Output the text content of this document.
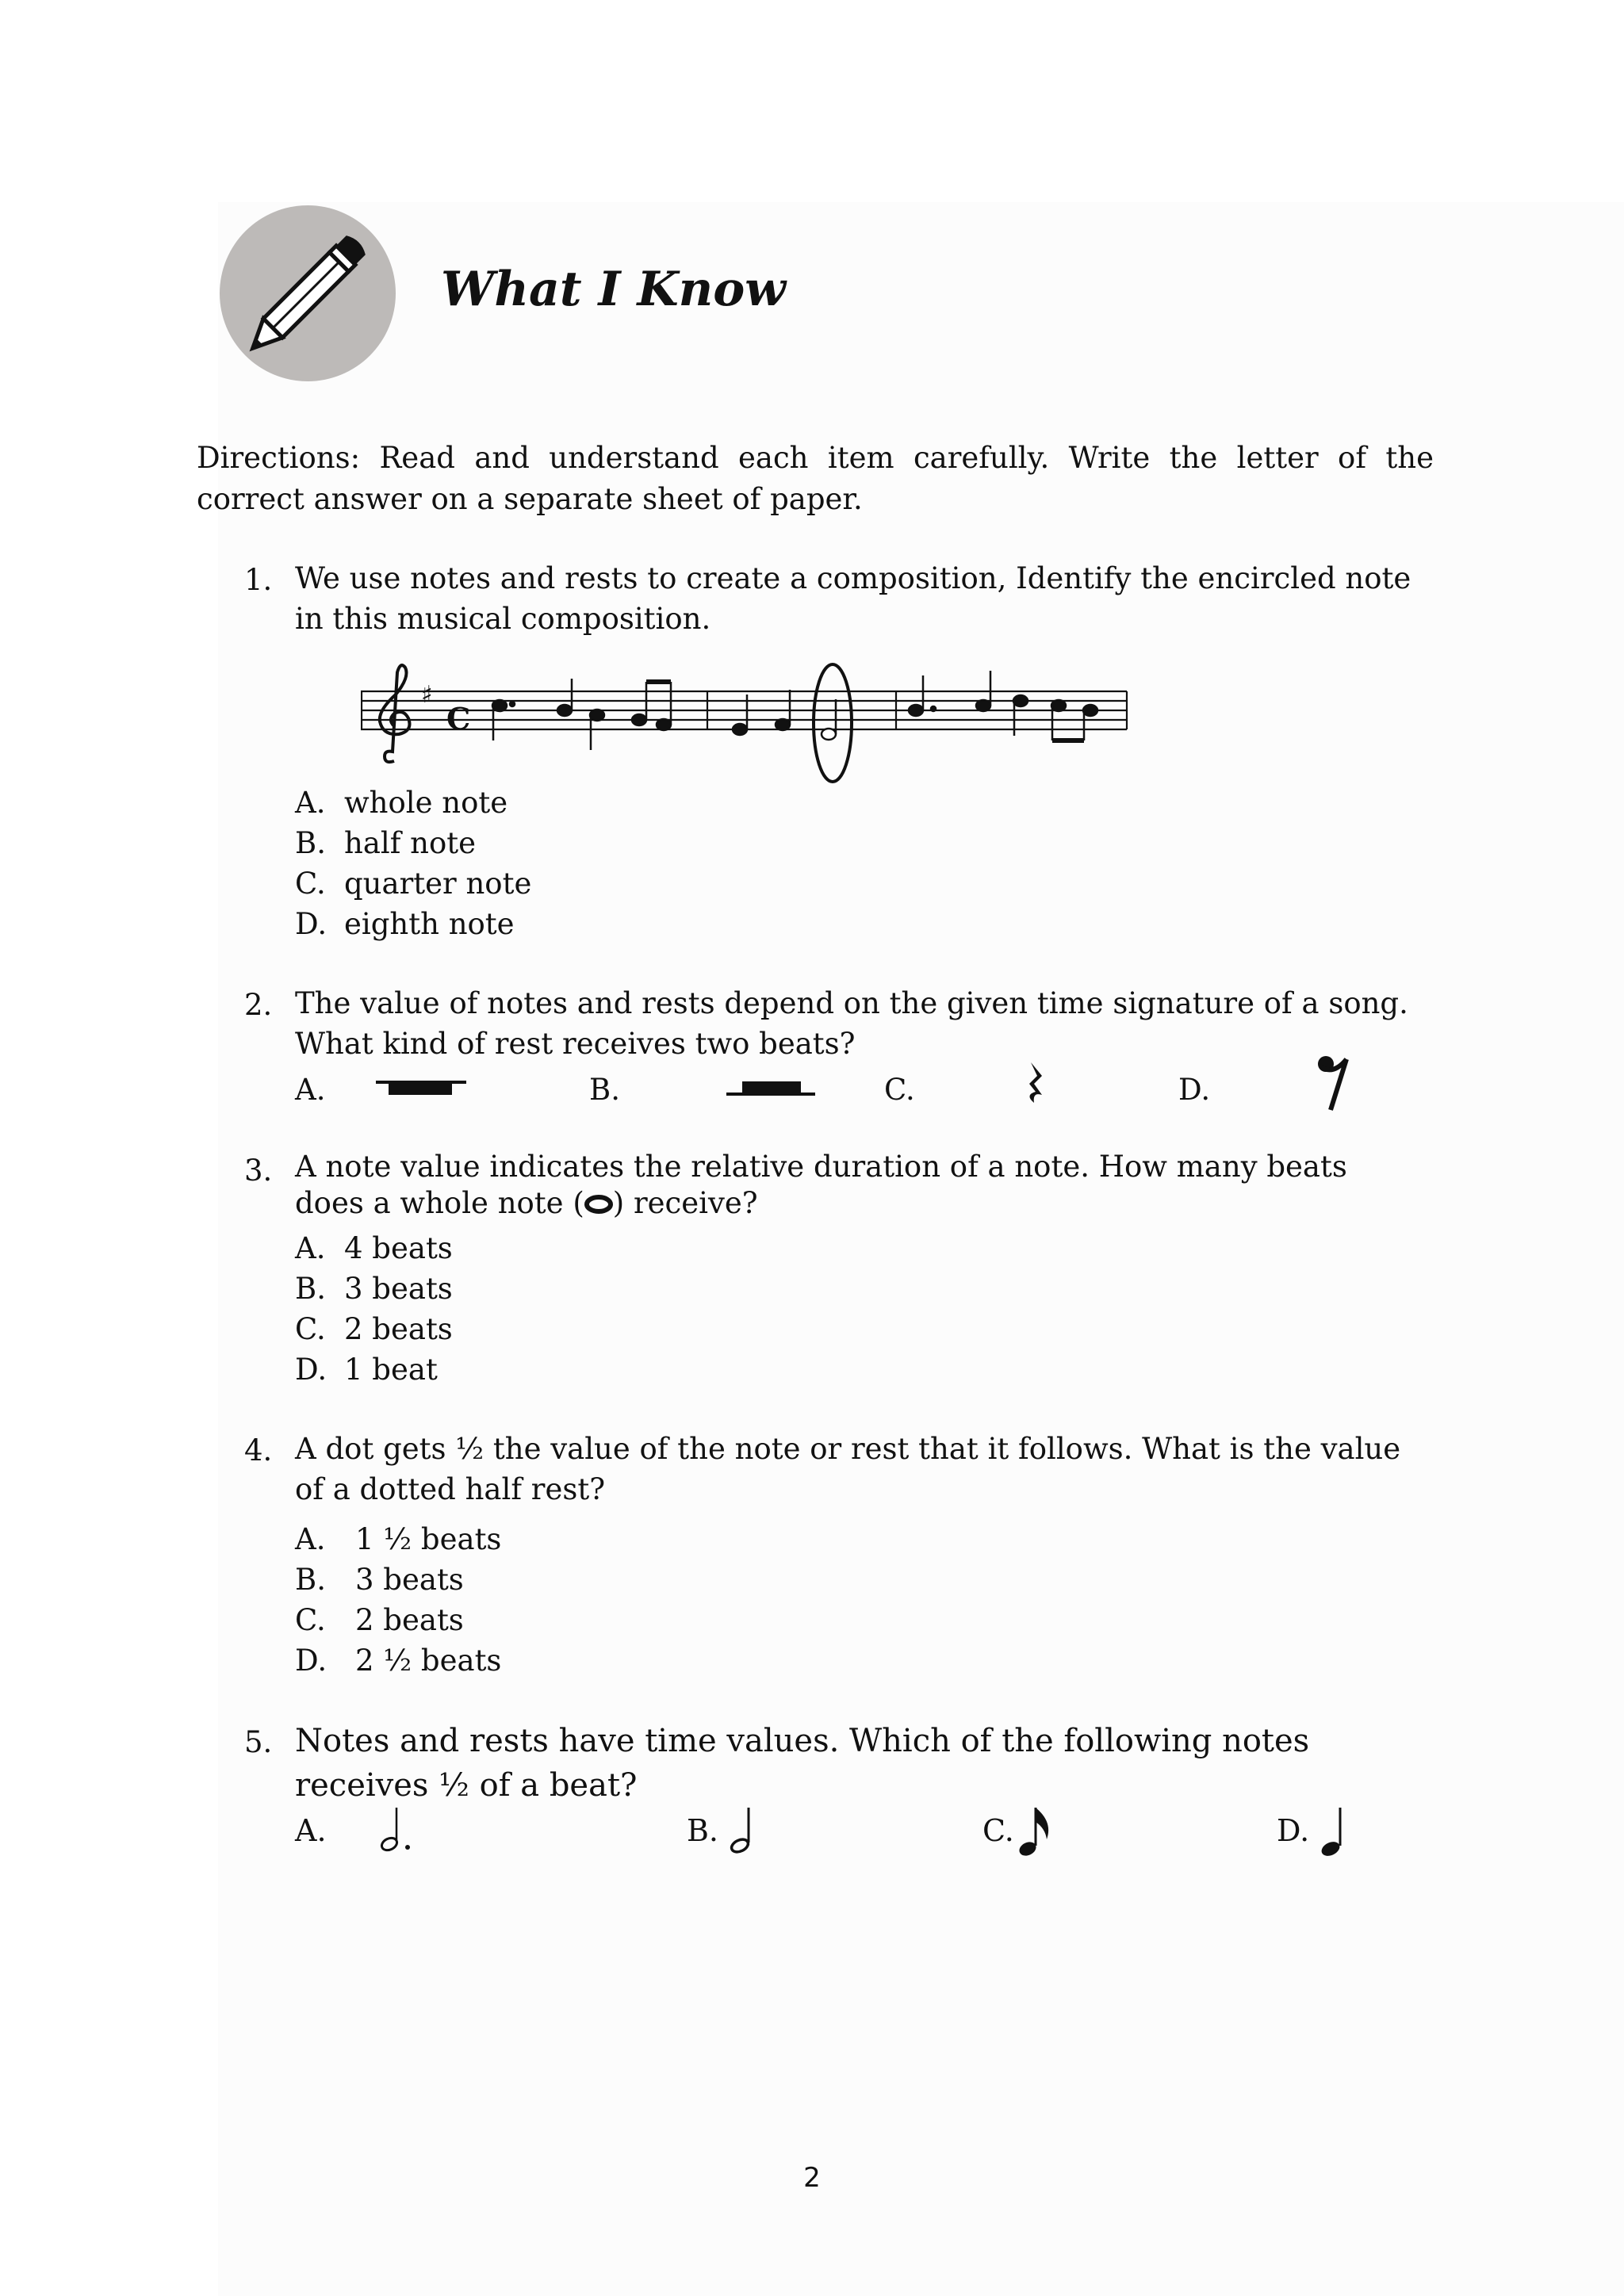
What I Know

Directions: Read and understand each item carefully. Write the letter of the correct answer on a separate sheet of paper.

1. We use notes and rests to create a composition, Identify the encircled note in this musical composition.

♯
C
A. whole note
B. half note
C. quarter note
D. eighth note
2. The value of notes and rests depend on the given time signature of a song. What kind of rest receives two beats?

A.	B.	C.	D.
3. A note value indicates the relative duration of a note. How many beats does a whole note ( ) receive?

A. 4 beats
B. 3 beats
C. 2 beats
D. 1 beat
4. A dot gets ½ the value of the note or rest that it follows. What is the value of a dotted half rest?

A. 1 ½ beats
B. 3 beats
C. 2 beats
D. 2 ½ beats
5. Notes and rests have time values. Which of the following notes receives ½ of a beat?

A.	B.	C.	D.
2
